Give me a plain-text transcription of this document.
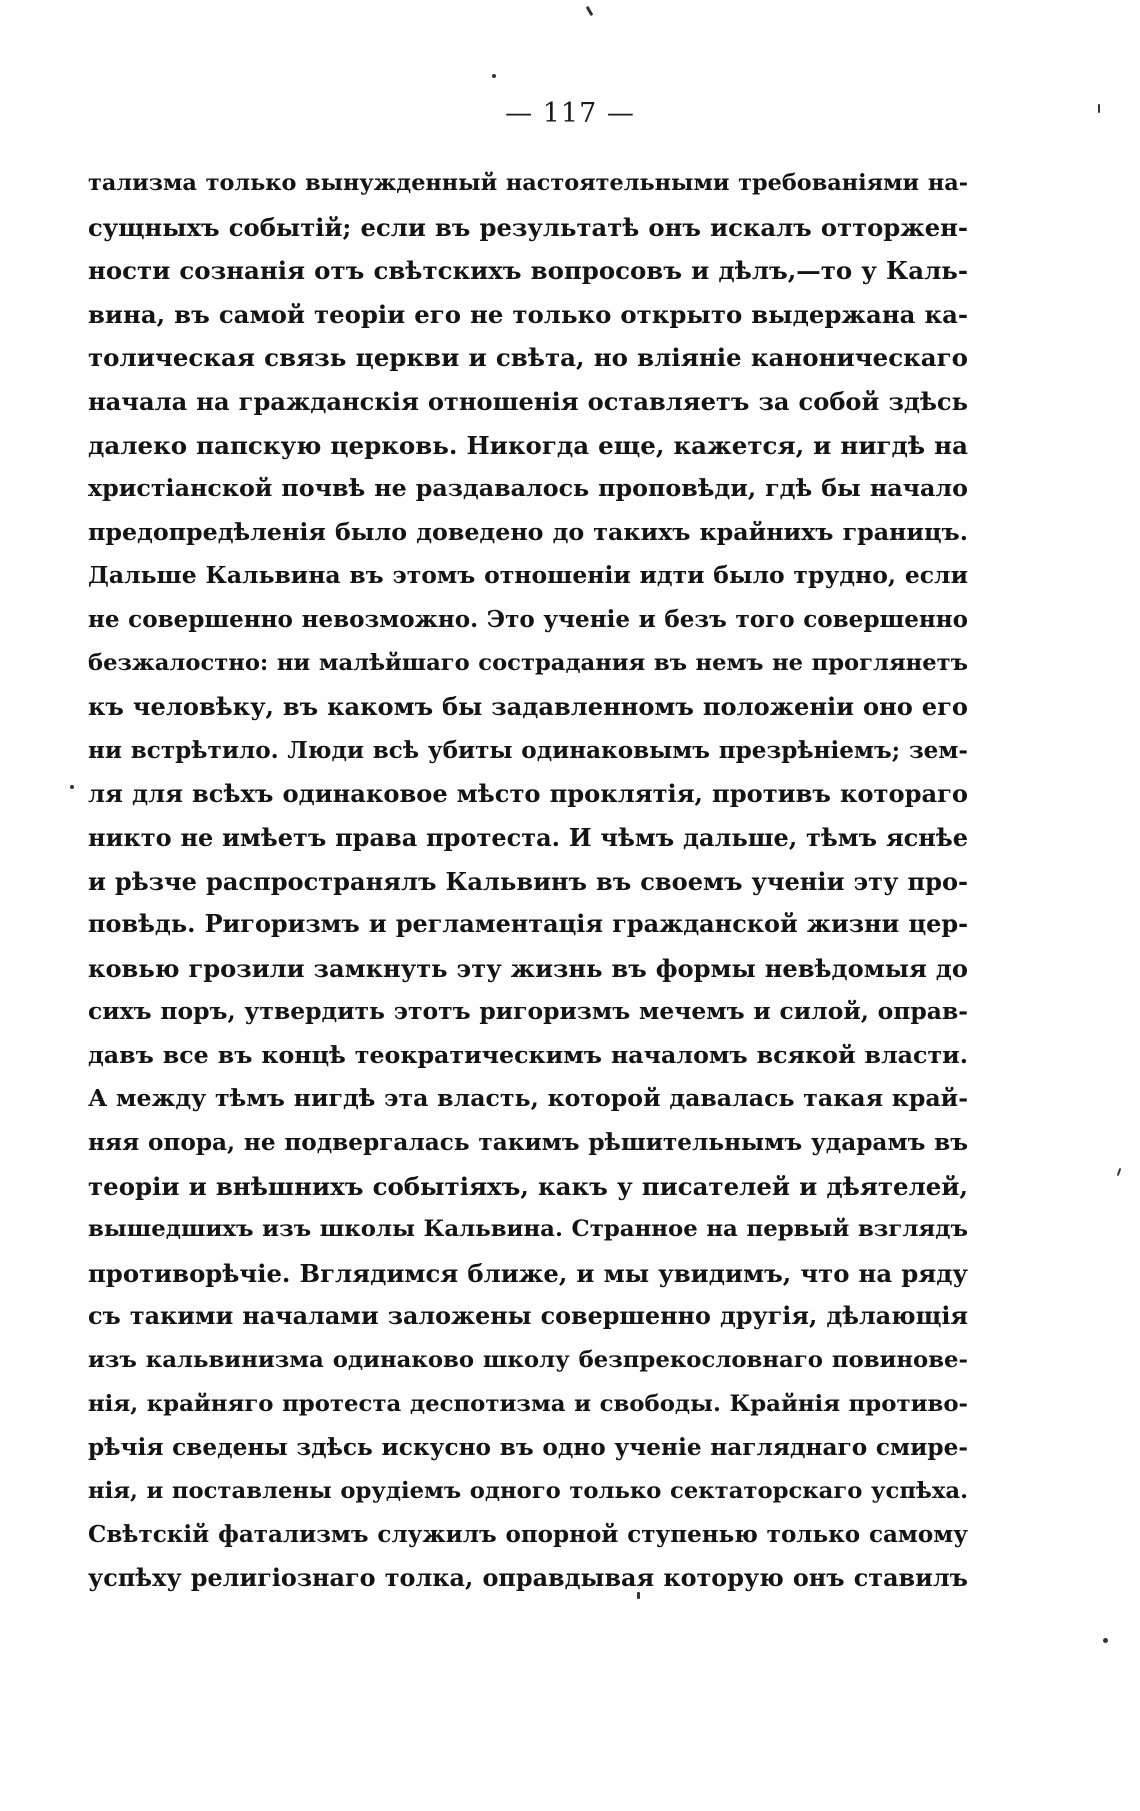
— 117 —
тализма только вынужденный настоятельными требованіями на-
сущныхъ событій; если въ результатѣ онъ искалъ отторжен-
ности сознанія отъ свѣтскихъ вопросовъ и дѣлъ,—то у Каль-
вина, въ самой теоріи его не только открыто выдержана ка-
толическая связь церкви и свѣта, но вліяніе каноническаго
начала на гражданскія отношенія оставляетъ за собой здѣсь
далеко папскую церковь. Никогда еще, кажется, и нигдѣ на
христіанской почвѣ не раздавалось проповѣди, гдѣ бы начало
предопредѣленія было доведено до такихъ крайнихъ границъ.
Дальше Кальвина въ этомъ отношеніи идти было трудно, если
не совершенно невозможно. Это ученіе и безъ того совершенно
безжалостно: ни малѣйшаго сострадания въ немъ не проглянетъ
къ человѣку, въ какомъ бы задавленномъ положеніи оно его
ни встрѣтило. Люди всѣ убиты одинаковымъ презрѣніемъ; зем-
ля для всѣхъ одинаковое мѣсто проклятія, противъ котораго
никто не имѣетъ права протеста. И чѣмъ дальше, тѣмъ яснѣе
и рѣзче распространялъ Кальвинъ въ своемъ ученіи эту про-
повѣдь. Ригоризмъ и регламентація гражданской жизни цер-
ковью грозили замкнуть эту жизнь въ формы невѣдомыя до
сихъ поръ, утвердить этотъ ригоризмъ мечемъ и силой, оправ-
давъ все въ концѣ теократическимъ началомъ всякой власти.
А между тѣмъ нигдѣ эта власть, которой давалась такая край-
няя опора, не подвергалась такимъ рѣшительнымъ ударамъ въ
теоріи и внѣшнихъ событіяхъ, какъ у писателей и дѣятелей,
вышедшихъ изъ школы Кальвина. Странное на первый взглядъ
противорѣчіе. Вглядимся ближе, и мы увидимъ, что на ряду
съ такими началами заложены совершенно другія, дѣлающія
изъ кальвинизма одинаково школу безпрекословнаго повинове-
нія, крайняго протеста деспотизма и свободы. Крайнія противо-
рѣчія сведены здѣсь искусно въ одно ученіе нагляднаго смире-
нія, и поставлены орудіемъ одного только сектаторскаго успѣха.
Свѣтскій фатализмъ служилъ опорной ступенью только самому
успѣху религіознаго толка, оправдывая которую онъ ставилъ
